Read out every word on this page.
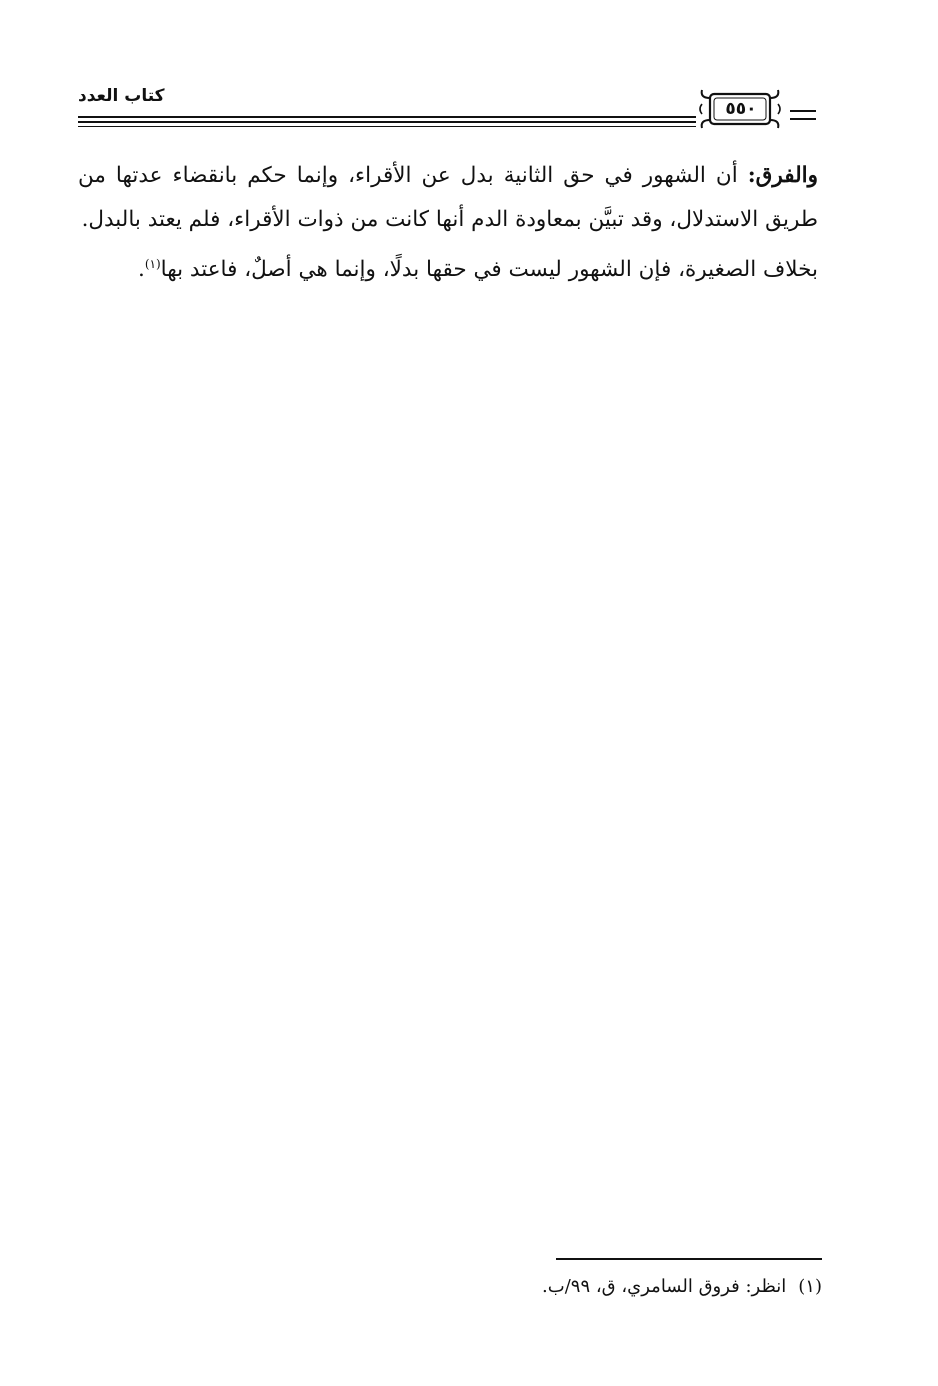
كتاب العدد
٥٥٠

والفرق: أن الشهور في حق الثانية بدل عن الأقراء، وإنما حكم بانقضاء عدتها من طريق الاستدلال، وقد تبيَّن بمعاودة الدم أنها كانت من ذوات الأقراء، فلم يعتد بالبدل.

بخلاف الصغيرة، فإن الشهور ليست في حقها بدلًا، وإنما هي أصلٌ، فاعتد بها$^{(١)}$.

(١)انظر: فروق السامري، ق، ٩٩/ب.
